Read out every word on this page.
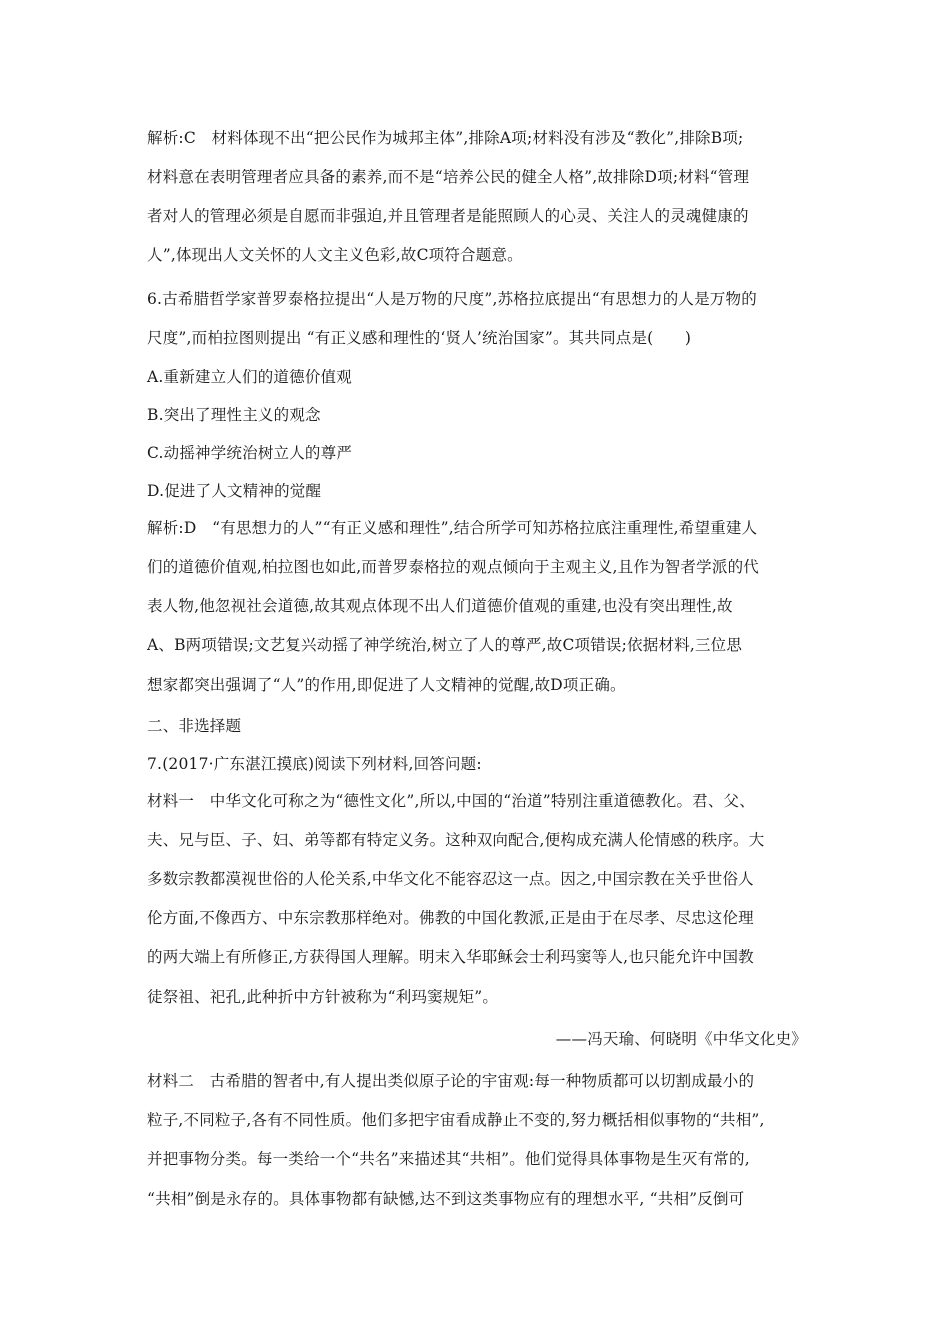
解析:C　材料体现不出“把公民作为城邦主体”,排除A项;材料没有涉及“教化”,排除B项;
材料意在表明管理者应具备的素养,而不是“培养公民的健全人格”,故排除D项;材料“管理
者对人的管理必须是自愿而非强迫,并且管理者是能照顾人的心灵、关注人的灵魂健康的
人”,体现出人文关怀的人文主义色彩,故C项符合题意。
6.古希腊哲学家普罗泰格拉提出“人是万物的尺度”,苏格拉底提出“有思想力的人是万物的
尺度”,而柏拉图则提出 “有正义感和理性的‘贤人’统治国家”。其共同点是(　　)
A.重新建立人们的道德价值观
B.突出了理性主义的观念
C.动摇神学统治树立人的尊严
D.促进了人文精神的觉醒
解析:D　“有思想力的人”“有正义感和理性”,结合所学可知苏格拉底注重理性,希望重建人
们的道德价值观,柏拉图也如此,而普罗泰格拉的观点倾向于主观主义,且作为智者学派的代
表人物,他忽视社会道德,故其观点体现不出人们道德价值观的重建,也没有突出理性,故
A、B两项错误;文艺复兴动摇了神学统治,树立了人的尊严,故C项错误;依据材料,三位思
想家都突出强调了“人”的作用,即促进了人文精神的觉醒,故D项正确。
二、非选择题
7.(2017·广东湛江摸底)阅读下列材料,回答问题:
材料一　中华文化可称之为“德性文化”,所以,中国的“治道”特别注重道德教化。君、父、
夫、兄与臣、子、妇、弟等都有特定义务。这种双向配合,便构成充满人伦情感的秩序。大
多数宗教都漠视世俗的人伦关系,中华文化不能容忍这一点。因之,中国宗教在关乎世俗人
伦方面,不像西方、中东宗教那样绝对。佛教的中国化教派,正是由于在尽孝、尽忠这伦理
的两大端上有所修正,方获得国人理解。明末入华耶稣会士利玛窦等人,也只能允许中国教
徒祭祖、祀孔,此种折中方针被称为“利玛窦规矩”。
——冯天瑜、何晓明《中华文化史》
材料二　古希腊的智者中,有人提出类似原子论的宇宙观:每一种物质都可以切割成最小的
粒子,不同粒子,各有不同性质。他们多把宇宙看成静止不变的,努力概括相似事物的“共相”,
并把事物分类。每一类给一个“共名”来描述其“共相”。他们觉得具体事物是生灭有常的,
“共相”倒是永存的。具体事物都有缺憾,达不到这类事物应有的理想水平, “共相”反倒可
